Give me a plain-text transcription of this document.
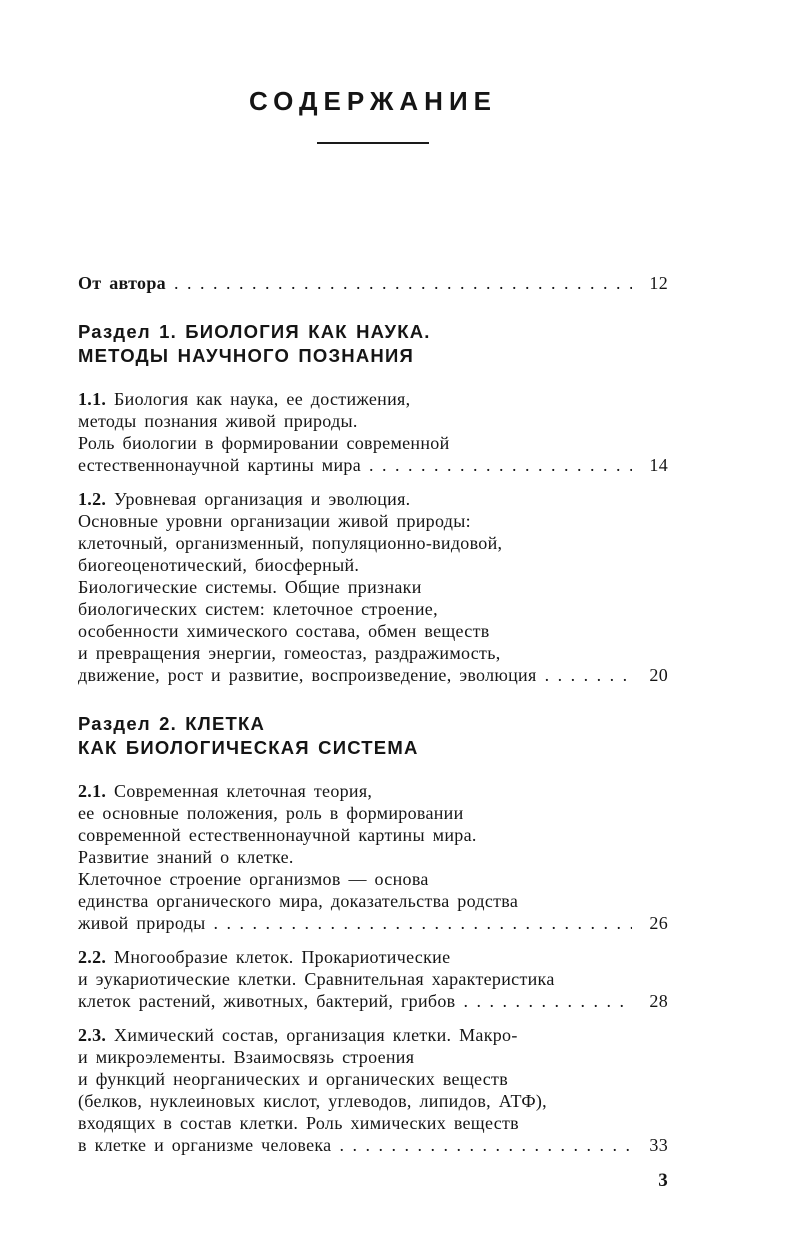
СОДЕРЖАНИЕ
От автора . . .	12
Раздел 1. БИОЛОГИЯ КАК НАУКА.
МЕТОДЫ НАУЧНОГО ПОЗНАНИЯ
1.1. Биология как наука, ее достижения,
методы познания живой природы.
Роль биологии в формировании современной
естественнонаучной картины мира . . .	14
1.2. Уровневая организация и эволюция.
Основные уровни организации живой природы:
клеточный, организменный, популяционно-видовой,
биогеоценотический, биосферный.
Биологические системы. Общие признаки
биологических систем: клеточное строение,
особенности химического состава, обмен веществ
и превращения энергии, гомеостаз, раздражимость,
движение, рост и развитие, воспроизведение, эволюция . . .	20
Раздел 2. КЛЕТКА
КАК БИОЛОГИЧЕСКАЯ СИСТЕМА
2.1. Современная клеточная теория,
ее основные положения, роль в формировании
современной естественнонаучной картины мира.
Развитие знаний о клетке.
Клеточное строение организмов — основа
единства органического мира, доказательства родства
живой природы . . .	26
2.2. Многообразие клеток. Прокариотические
и эукариотические клетки. Сравнительная характеристика
клеток растений, животных, бактерий, грибов . . .	28
2.3. Химический состав, организация клетки. Макро-
и микроэлементы. Взаимосвязь строения
и функций неорганических и органических веществ
(белков, нуклеиновых кислот, углеводов, липидов, АТФ),
входящих в состав клетки. Роль химических веществ
в клетке и организме человека . . .	33
3
